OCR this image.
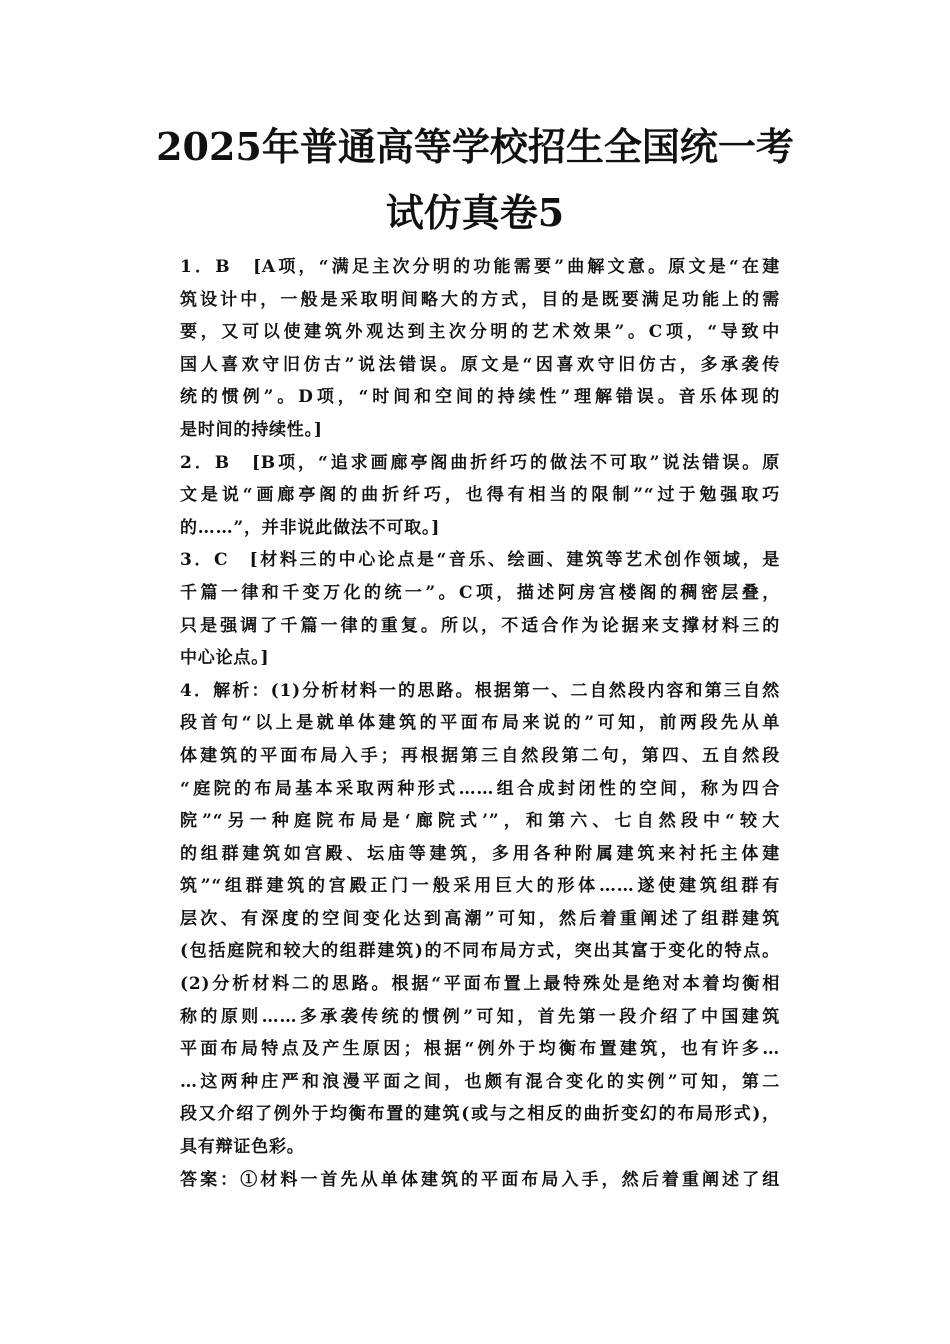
2025年普通高等学校招生全国统一考
试仿真卷5
1．B　[A项，“满足主次分明的功能需要”曲解文意。原文是“在建
筑设计中，一般是采取明间略大的方式，目的是既要满足功能上的需
要，又可以使建筑外观达到主次分明的艺术效果”。C项，“导致中
国人喜欢守旧仿古”说法错误。原文是“因喜欢守旧仿古，多承袭传
统的惯例”。D项，“时间和空间的持续性”理解错误。音乐体现的
是时间的持续性。]
2．B　[B项，“追求画廊亭阁曲折纤巧的做法不可取”说法错误。原
文是说“画廊亭阁的曲折纤巧，也得有相当的限制”“过于勉强取巧
的……”，并非说此做法不可取。]
3．C　[材料三的中心论点是“音乐、绘画、建筑等艺术创作领域，是
千篇一律和千变万化的统一”。C项，描述阿房宫楼阁的稠密层叠，
只是强调了千篇一律的重复。所以，不适合作为论据来支撑材料三的
中心论点。]
4．解析：(1)分析材料一的思路。根据第一、二自然段内容和第三自然
段首句“以上是就单体建筑的平面布局来说的”可知，前两段先从单
体建筑的平面布局入手；再根据第三自然段第二句，第四、五自然段
“庭院的布局基本采取两种形式……组合成封闭性的空间，称为四合
院”“另一种庭院布局是‘廊院式’”，和第六、七自然段中“较大
的组群建筑如宫殿、坛庙等建筑，多用各种附属建筑来衬托主体建
筑”“组群建筑的宫殿正门一般采用巨大的形体……遂使建筑组群有
层次、有深度的空间变化达到高潮”可知，然后着重阐述了组群建筑
(包括庭院和较大的组群建筑)的不同布局方式，突出其富于变化的特点。
(2)分析材料二的思路。根据“平面布置上最特殊处是绝对本着均衡相
称的原则……多承袭传统的惯例”可知，首先第一段介绍了中国建筑
平面布局特点及产生原因；根据“例外于均衡布置建筑，也有许多…
…这两种庄严和浪漫平面之间，也颇有混合变化的实例”可知，第二
段又介绍了例外于均衡布置的建筑(或与之相反的曲折变幻的布局形式)，
具有辩证色彩。
答案：①材料一首先从单体建筑的平面布局入手，然后着重阐述了组
